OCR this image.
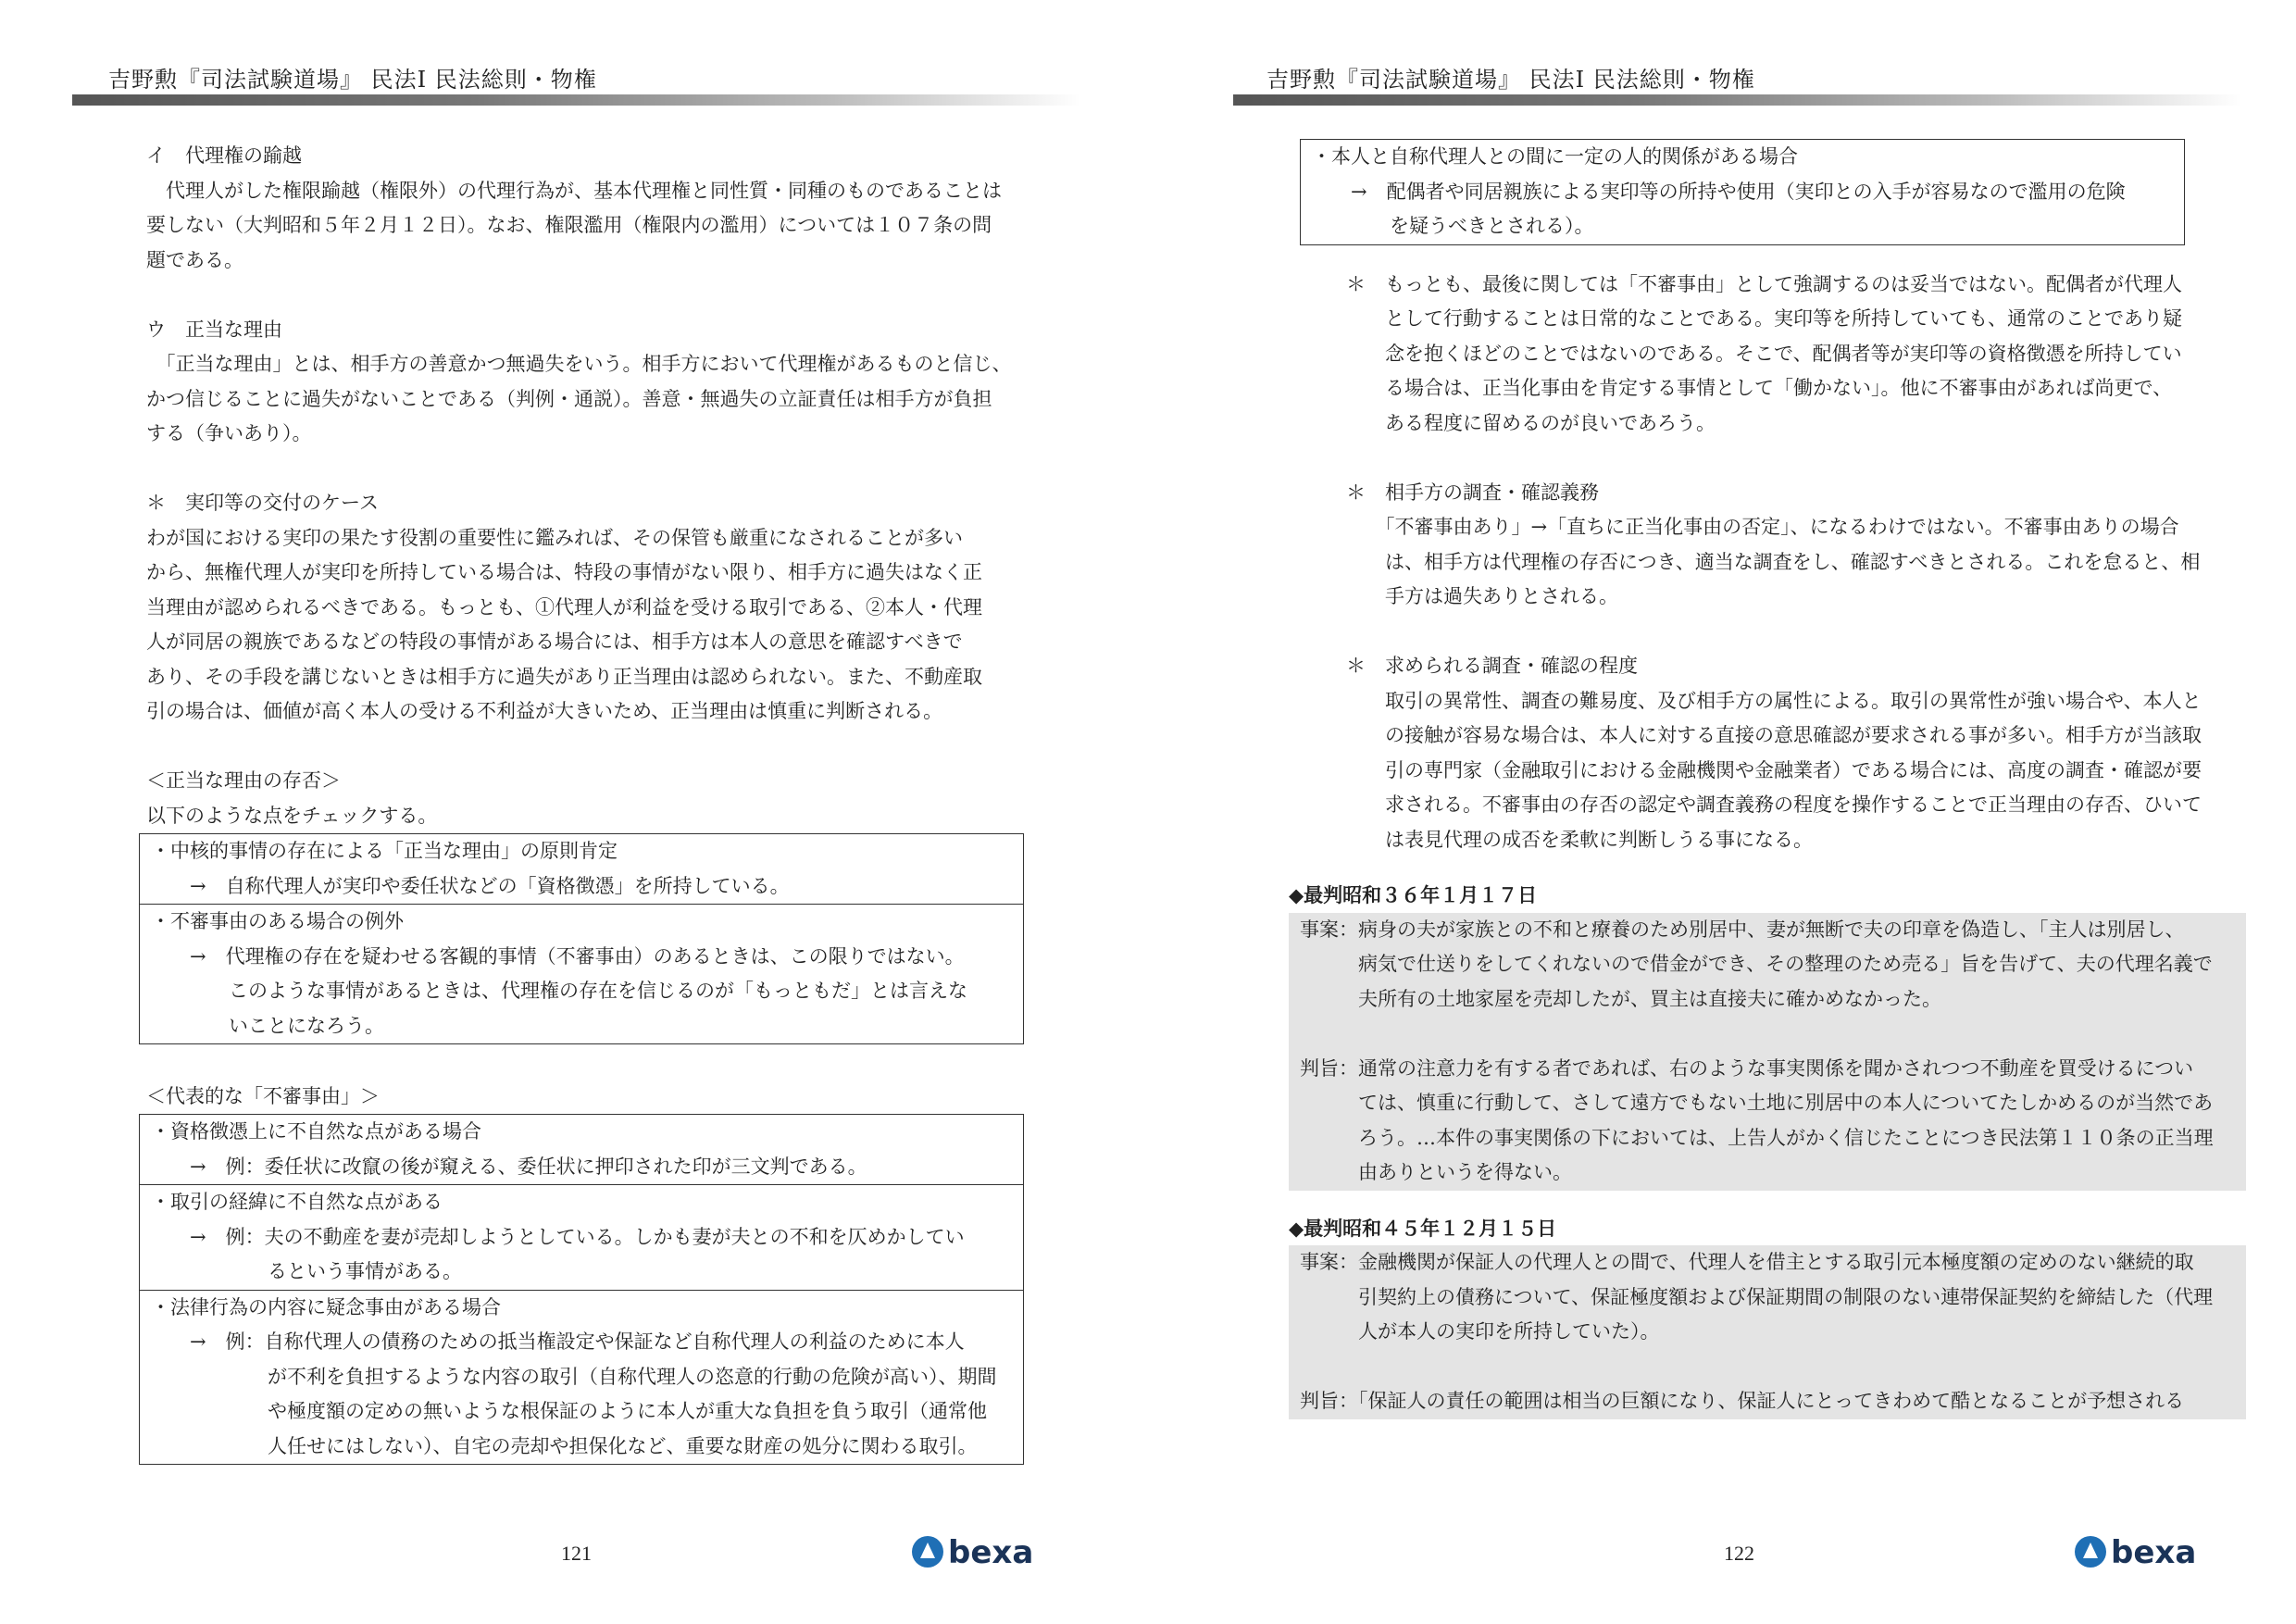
吉野勲『司法試験道場』 民法Ⅰ 民法総則・物権
イ　代理権の踰越
　代理人がした権限踰越（権限外）の代理行為が、基本代理権と同性質・同種のものであることは
要しない（大判昭和５年２月１２日）。なお、権限濫用（権限内の濫用）については１０７条の問
題である。
ウ　正当な理由
　「正当な理由」とは、相手方の善意かつ無過失をいう。相手方において代理権があるものと信じ、
かつ信じることに過失がないことである（判例・通説）。善意・無過失の立証責任は相手方が負担
する（争いあり）。
＊　実印等の交付のケース
わが国における実印の果たす役割の重要性に鑑みれば、その保管も厳重になされることが多い
から、無権代理人が実印を所持している場合は、特段の事情がない限り、相手方に過失はなく正
当理由が認められるべきである。もっとも、①代理人が利益を受ける取引である、②本人・代理
人が同居の親族であるなどの特段の事情がある場合には、相手方は本人の意思を確認すべきで
あり、その手段を講じないときは相手方に過失があり正当理由は認められない。また、不動産取
引の場合は、価値が高く本人の受ける不利益が大きいため、正当理由は慎重に判断される。
＜正当な理由の存否＞
以下のような点をチェックする。
・中核的事情の存在による「正当な理由」の原則肯定
　　→　自称代理人が実印や委任状などの「資格徴憑」を所持している。
・不審事由のある場合の例外
　　→　代理権の存在を疑わせる客観的事情（不審事由）のあるときは、この限りではない。
　　　　このような事情があるときは、代理権の存在を信じるのが「もっともだ」とは言えな
　　　　いことになろう。
＜代表的な「不審事由」＞
・資格徴憑上に不自然な点がある場合
　　→　例：委任状に改竄の後が窺える、委任状に押印された印が三文判である。
・取引の経緯に不自然な点がある
　　→　例：夫の不動産を妻が売却しようとしている。しかも妻が夫との不和を仄めかしてい
　　　　　　るという事情がある。
・法律行為の内容に疑念事由がある場合
　　→　例：自称代理人の債務のための抵当権設定や保証など自称代理人の利益のために本人
　　　　　　が不利を負担するような内容の取引（自称代理人の恣意的行動の危険が高い）、期間
　　　　　　や極度額の定めの無いような根保証のように本人が重大な負担を負う取引（通常他
　　　　　　人任せにはしない）、自宅の売却や担保化など、重要な財産の処分に関わる取引。
121	bexa
吉野勲『司法試験道場』 民法Ⅰ 民法総則・物権
・本人と自称代理人との間に一定の人的関係がある場合
　　→　配偶者や同居親族による実印等の所持や使用（実印との入手が容易なので濫用の危険
　　　　を疑うべきとされる）。
＊　もっとも、最後に関しては「不審事由」として強調するのは妥当ではない。配偶者が代理人
　　として行動することは日常的なことである。実印等を所持していても、通常のことであり疑
　　念を抱くほどのことではないのである。そこで、配偶者等が実印等の資格徴憑を所持してい
　　る場合は、正当化事由を肯定する事情として「働かない」。他に不審事由があれば尚更で、
　　ある程度に留めるのが良いであろう。
＊　相手方の調査・確認義務
　　「不審事由あり」→「直ちに正当化事由の否定」、になるわけではない。不審事由ありの場合
　　は、相手方は代理権の存否につき、適当な調査をし、確認すべきとされる。これを怠ると、相
　　手方は過失ありとされる。
＊　求められる調査・確認の程度
　　取引の異常性、調査の難易度、及び相手方の属性による。取引の異常性が強い場合や、本人と
　　の接触が容易な場合は、本人に対する直接の意思確認が要求される事が多い。相手方が当該取
　　引の専門家（金融取引における金融機関や金融業者）である場合には、高度の調査・確認が要
　　求される。不審事由の存否の認定や調査義務の程度を操作することで正当理由の存否、ひいて
　　は表見代理の成否を柔軟に判断しうる事になる。
◆最判昭和３６年１月１７日
事案：病身の夫が家族との不和と療養のため別居中、妻が無断で夫の印章を偽造し、「主人は別居し、
　　　病気で仕送りをしてくれないので借金ができ、その整理のため売る」旨を告げて、夫の代理名義で
　　　夫所有の土地家屋を売却したが、買主は直接夫に確かめなかった。
判旨：通常の注意力を有する者であれば、右のような事実関係を聞かされつつ不動産を買受けるについ
　　　ては、慎重に行動して、さして遠方でもない土地に別居中の本人についてたしかめるのが当然であ
　　　ろう。…本件の事実関係の下においては、上告人がかく信じたことにつき民法第１１０条の正当理
　　　由ありというを得ない。
◆最判昭和４５年１２月１５日
事案：金融機関が保証人の代理人との間で、代理人を借主とする取引元本極度額の定めのない継続的取
　　　引契約上の債務について、保証極度額および保証期間の制限のない連帯保証契約を締結した（代理
　　　人が本人の実印を所持していた）。
判旨：「保証人の責任の範囲は相当の巨額になり、保証人にとってきわめて酷となることが予想される
122	bexa
